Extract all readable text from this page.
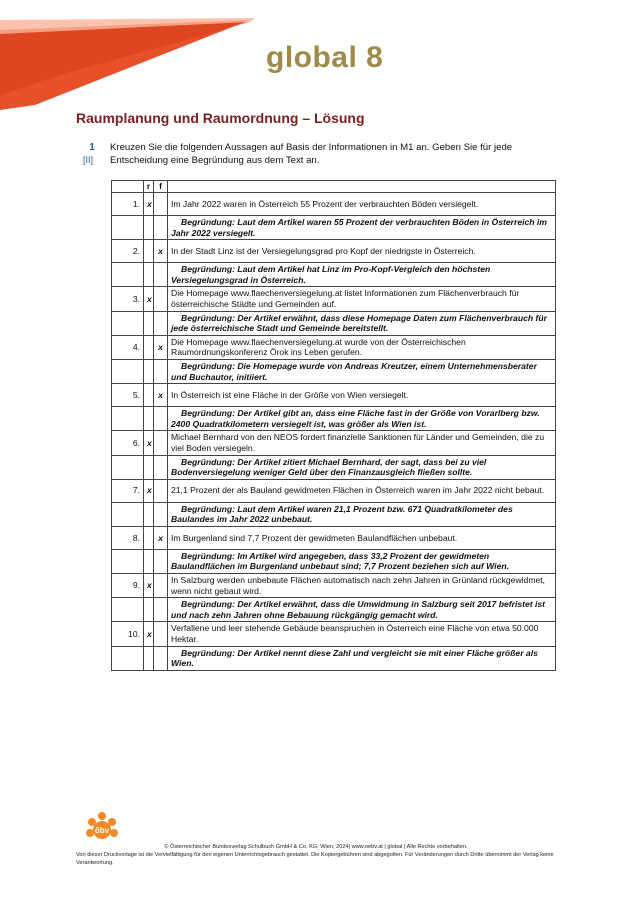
global 8
Raumplanung und Raumordnung – Lösung
1
[II]
Kreuzen Sie die folgenden Aussagen auf Basis der Informationen in M1 an. Geben Sie für jede Entscheidung eine Begründung aus dem Text an.
	r	f	
1.	x		Im Jahr 2022 waren in Österreich 55 Prozent der verbrauchten Böden versiegelt.
			Begründung: Laut dem Artikel waren 55 Prozent der verbrauchten Böden in Österreich im Jahr 2022 versiegelt.
2.		x	In der Stadt Linz ist der Versiegelungsgrad pro Kopf der niedrigste in Österreich.
			Begründung: Laut dem Artikel hat Linz im Pro-Kopf-Vergleich den höchsten Versiegelungsgrad in Österreich.
3.	x		Die Homepage www.flaechenversiegelung.at listet Informationen zum Flächenverbrauch für österreichische Städte und Gemeinden auf.
			Begründung: Der Artikel erwähnt, dass diese Homepage Daten zum Flächenverbrauch für jede österreichische Stadt und Gemeinde bereitstellt.
4.		x	Die Homepage www.flaechenversiegelung.at wurde von der Österreichischen Raumordnungskonferenz Örok ins Leben gerufen.
			Begründung: Die Homepage wurde von Andreas Kreutzer, einem Unternehmensberater und Buchautor, initiiert.
5.		x	In Österreich ist eine Fläche in der Größe von Wien versiegelt.
			Begründung: Der Artikel gibt an, dass eine Fläche fast in der Größe von Vorarlberg bzw. 2400 Quadratkilometern versiegelt ist, was größer als Wien ist.
6.	x		Michael Bernhard von den NEOS fordert finanzielle Sanktionen für Länder und Gemeinden, die zu viel Boden versiegeln.
			Begründung: Der Artikel zitiert Michael Bernhard, der sagt, dass bei zu viel Bodenversiegelung weniger Geld über den Finanzausgleich fließen sollte.
7.	x		21,1 Prozent der als Bauland gewidmeten Flächen in Österreich waren im Jahr 2022 nicht bebaut.
			Begründung: Laut dem Artikel waren 21,1 Prozent bzw. 671 Quadratkilometer des Baulandes im Jahr 2022 unbebaut.
8.		x	Im Burgenland sind 7,7 Prozent der gewidmeten Baulandflächen unbebaut.
			Begründung: Im Artikel wird angegeben, dass 33,2 Prozent der gewidmeten Baulandflächen im Burgenland unbebaut sind; 7,7 Prozent beziehen sich auf Wien.
9.	x		In Salzburg werden unbebaute Flächen automatisch nach zehn Jahren in Grünland rückgewidmet, wenn nicht gebaut wird.
			Begründung: Der Artikel erwähnt, dass die Umwidmung in Salzburg seit 2017 befristet ist und nach zehn Jahren ohne Bebauung rückgängig gemacht wird.
10.	x		Verfallene und leer stehende Gebäude beanspruchen in Österreich eine Fläche von etwa 50.000 Hektar.
			Begründung: Der Artikel nennt diese Zahl und vergleicht sie mit einer Fläche größer als Wien.
öbv
© Österreichischer Bundesverlag Schulbuch GmbH & Co. KG, Wien, 2024| www.oebv.at | global | Alle Rechte vorbehalten.
Von dieser Druckvorlage ist die Vervielfältigung für den eigenen Unterrichtsgebrauch gestattet. Die Kopiergebühren sind abgegolten. Für Veränderungen durch Dritte übernimmt der Verlag keine Verantwortung.
